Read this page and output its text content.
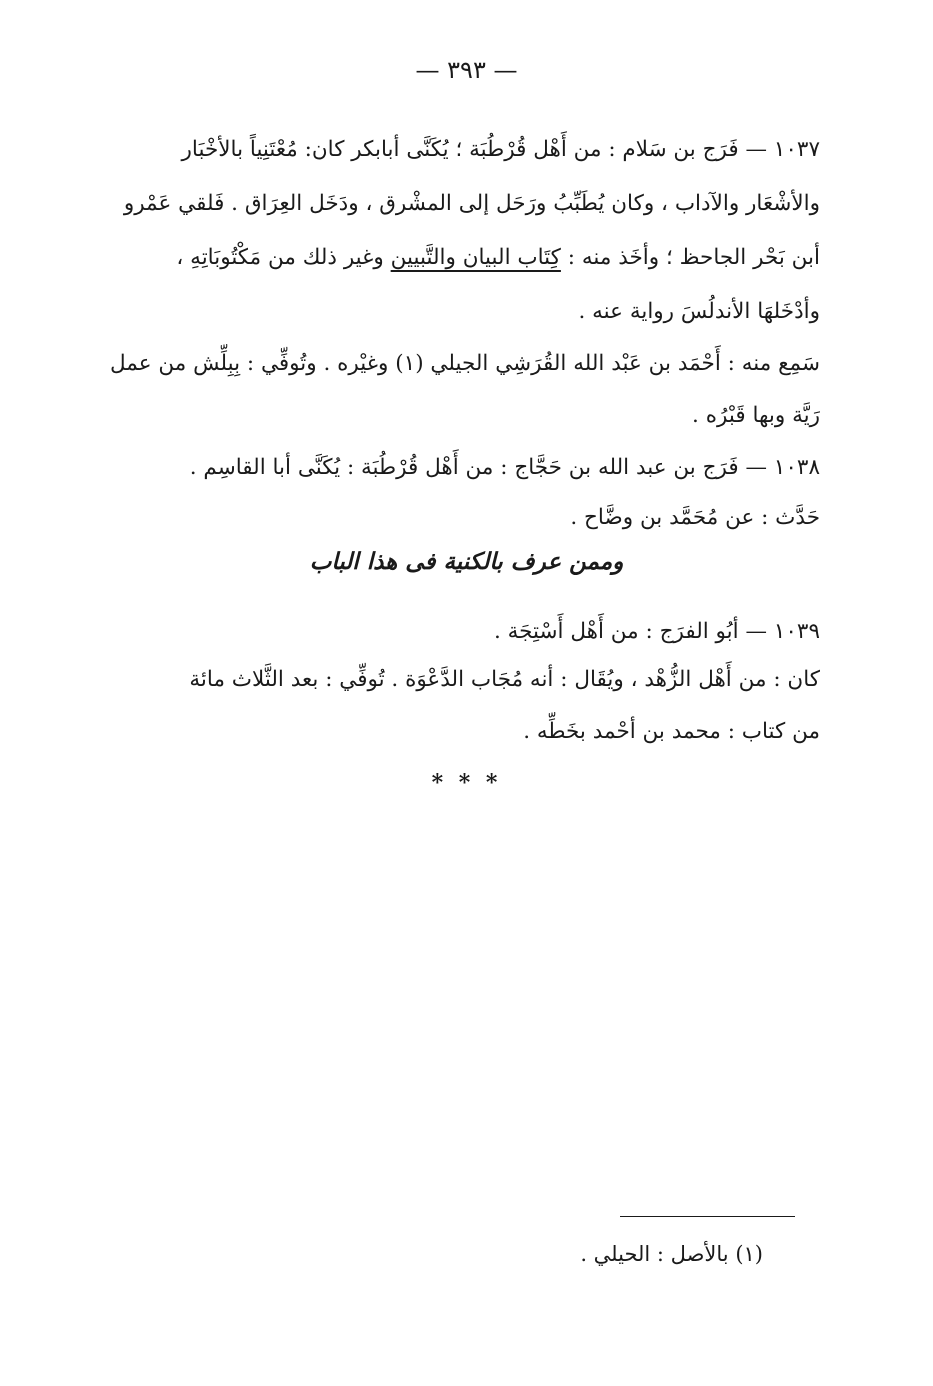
— ٣٩٣ —
١٠٣٧ — فَرَج بن سَلام : من أَهْل قُرْطُبَة ؛ يُكَنَّى أبابكر كان: مُعْتَنِياً بالأخْبَار
والأشْعَار والآداب ، وكان يُطَبِّبُ ورَحَل إلى المشْرق ، ودَخَل العِرَاق . فَلقي عَمْرو
أبن بَحْر الجاحظ ؛ وأخَذ منه : كِتَاب البيان والتَّبيين وغير ذلك من مَكْتُوبَاتِهِ ،
وأدْخَلهَا الأندلُسَ رواية عنه .
سَمِع منه : أَحْمَد بن عَبْد الله القُرَشِي الجيلي (١) وغيْره . وتُوفِّي : بِبِلِّش من عمل
رَيَّة وبها قَبْرُه .
١٠٣٨ — فَرَج بن عبد الله بن حَجَّاج : من أَهْل قُرْطُبَة : يُكَنَّى أبا القاسِم .
حَدَّث : عن مُحَمَّد بن وضَّاح .
وممن عرف بالكنية فى هذا الباب
١٠٣٩ — أبُو الفرَج : من أَهْل أَسْتِجَة .
كان : من أَهْل الزُّهْد ، ويُقَال : أنه مُجَاب الدَّعْوَة . تُوفِّي : بعد الثَّلاث مائة
من كتاب : محمد بن أحْمد بخَطِّه .
* * *
(١) بالأصل : الحيلي .
